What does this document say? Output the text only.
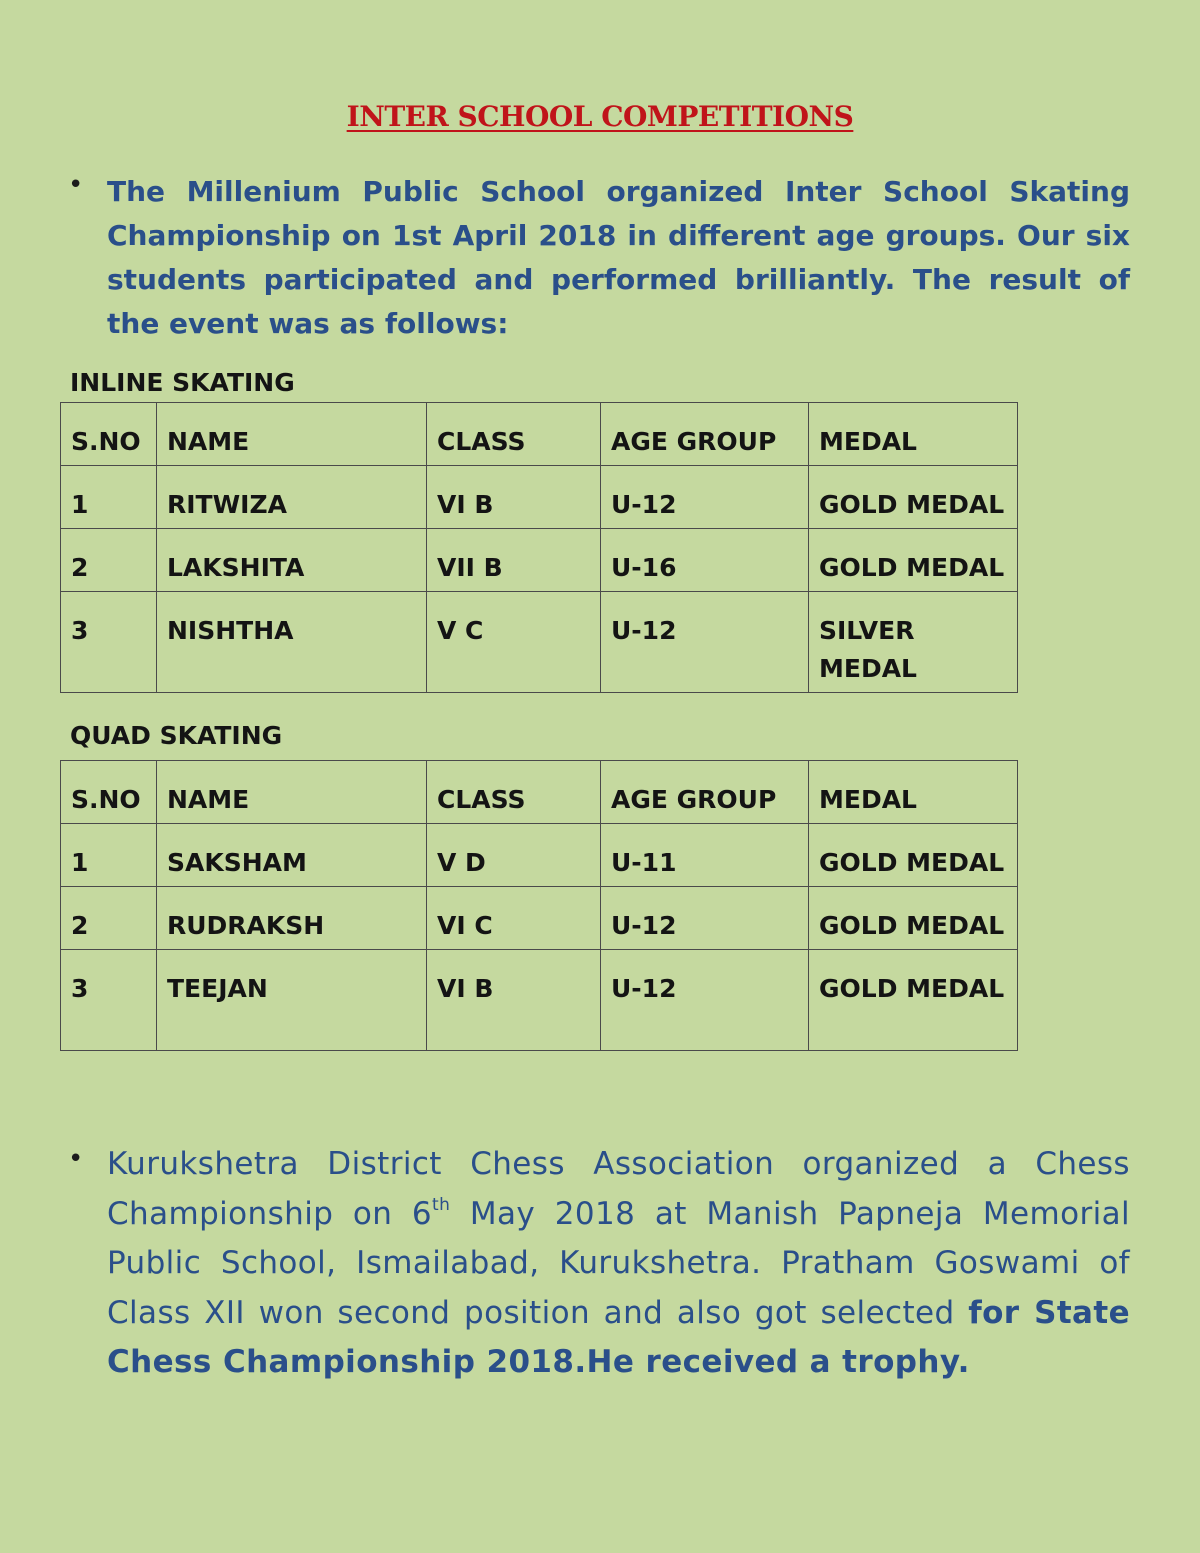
INTER SCHOOL COMPETITIONS
• The Millenium Public School organized Inter School Skating Championship on 1st April 2018 in different age groups. Our six students participated and performed brilliantly. The result of the event was as follows:
INLINE SKATING
S.NO	NAME	CLASS	AGE GROUP	MEDAL
1	RITWIZA	VI B	U-12	GOLD MEDAL
2	LAKSHITA	VII B	U-16	GOLD MEDAL
3	NISHTHA	V C	U-12	SILVER MEDAL
QUAD SKATING
S.NO	NAME	CLASS	AGE GROUP	MEDAL
1	SAKSHAM	V D	U-11	GOLD MEDAL
2	RUDRAKSH	VI C	U-12	GOLD MEDAL
3	TEEJAN	VI B	U-12	GOLD MEDAL
• Kurukshetra District Chess Association organized a Chess Championship on 6th May 2018 at Manish Papneja Memorial Public School, Ismailabad, Kurukshetra. Pratham Goswami of Class XII won second position and also got selected for State Chess Championship 2018.He received a trophy.
